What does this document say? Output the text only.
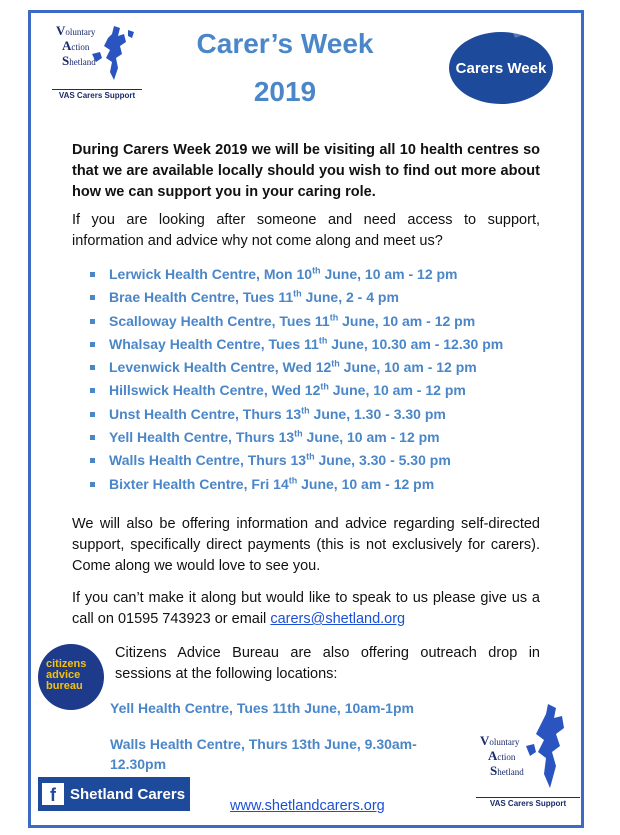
Voluntary
Action
Shetland
VAS Carers Support
Carer’s Week
2019
Carers
Week
During Carers Week 2019 we will be visiting all 10 health centres so that we are available locally should you wish to find out more about how we can support you in your caring role.
If you are looking after someone and need access to support, information and advice why not come along and meet us?
Lerwick Health Centre, Mon 10th June, 10 am - 12 pm
Brae Health Centre, Tues 11th June, 2 - 4 pm
Scalloway Health Centre, Tues 11th June, 10 am - 12 pm
Whalsay Health Centre, Tues 11th June, 10.30 am - 12.30 pm
Levenwick Health Centre, Wed 12th June, 10 am - 12 pm
Hillswick Health Centre, Wed 12th June, 10 am - 12 pm
Unst Health Centre, Thurs 13th June, 1.30 - 3.30 pm
Yell Health Centre, Thurs 13th June, 10 am - 12 pm
Walls Health Centre, Thurs 13th June, 3.30 - 5.30 pm
Bixter Health Centre, Fri 14th June, 10 am - 12 pm
We will also be offering information and advice regarding self-directed support, specifically direct payments (this is not exclusively for carers). Come along we would love to see you.
If you can’t make it along but would like to speak to us please give us a call on 01595 743923 or email carers@shetland.org
citizens
advice
bureau
Citizens Advice Bureau are also offering outreach drop in sessions at the following locations:
Yell Health Centre, Tues 11th June, 10am-1pm
Walls Health Centre, Thurs 13th June, 9.30am-
12.30pm
Voluntary
Action
Shetland
VAS Carers Support
f Shetland Carers
www.shetlandcarers.org
